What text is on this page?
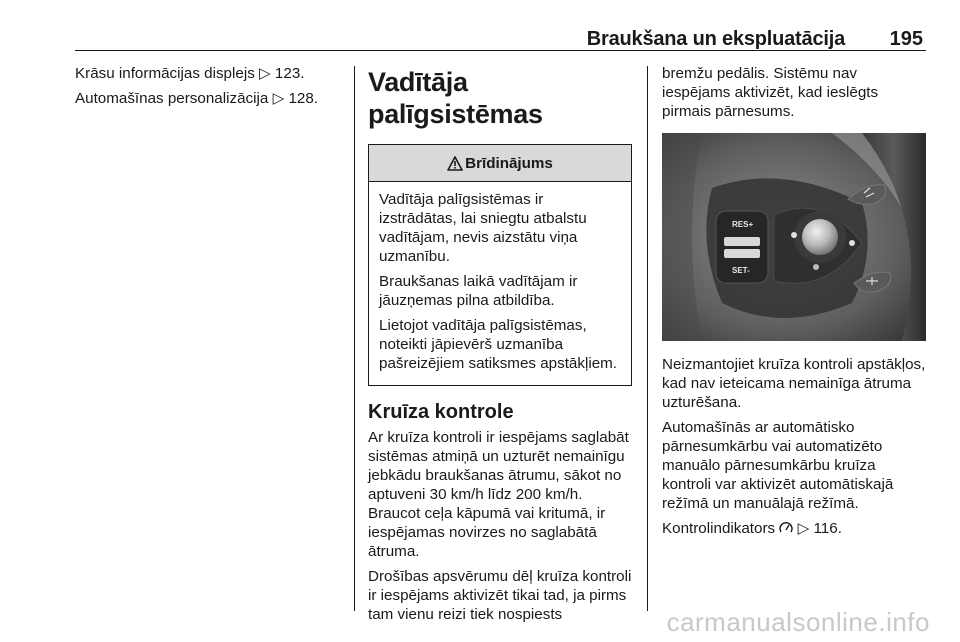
Braukšana un ekspluatācija 195

Krāsu informācijas displejs ▷ 123.

Automašīnas personalizācija ▷ 128.

Vadītāja palīgsistēmas
Brīdinājums

Vadītāja palīgsistēmas ir izstrādātas, lai sniegtu atbalstu vadītājam, nevis aizstātu viņa uzmanību.

Braukšanas laikā vadītājam ir jāuzņemas pilna atbildība.

Lietojot vadītāja palīgsistēmas, noteikti jāpievērš uzmanība pašreizējiem satiksmes apstākļiem.

Kruīza kontrole

Ar kruīza kontroli ir iespējams saglabāt sistēmas atmiņā un uzturēt nemainīgu jebkādu braukšanas ātrumu, sākot no aptuveni 30 km/h līdz 200 km/h. Braucot ceļa kāpumā vai kritumā, ir iespējamas novirzes no saglabātā ātruma.

Drošības apsvērumu dēļ kruīza kontroli ir iespējams aktivizēt tikai tad, ja pirms tam vienu reizi tiek nospiests

bremžu pedālis. Sistēmu nav iespējams aktivizēt, kad ieslēgts pirmais pārnesums.

RES+
SET-

Neizmantojiet kruīza kontroli apstākļos, kad nav ieteicama nemainīga ātruma uzturēšana.

Automašīnās ar automātisko pārnesumkārbu vai automatizēto manuālo pārnesumkārbu kruīza kontroli var aktivizēt automātiskajā režīmā un manuālajā režīmā.

Kontrolindikators ▷ 116.

carmanualsonline.info
